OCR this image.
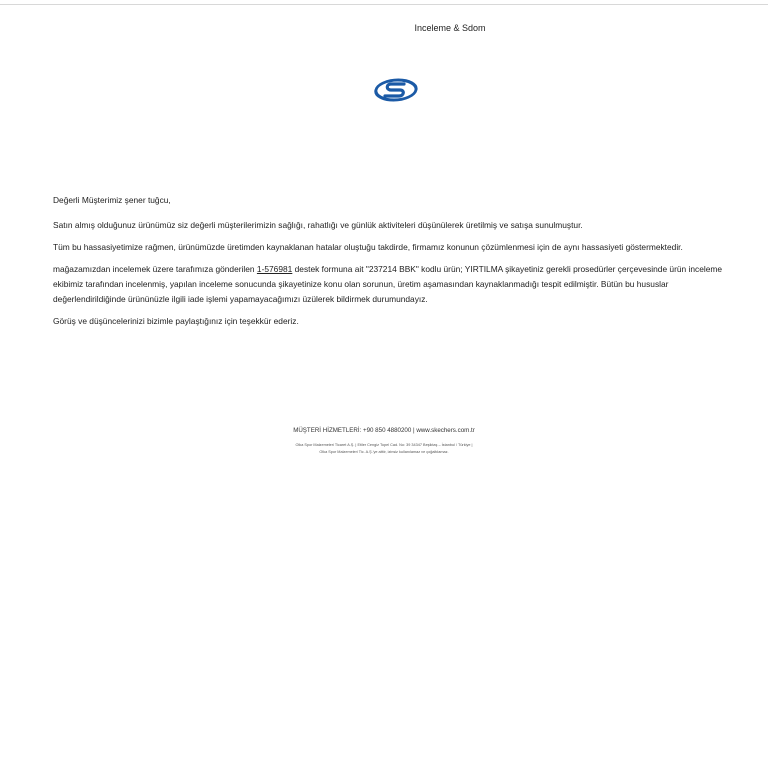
Inceleme & Sdom

Değerli Müşterimiz şener tuğcu,

Satın almış olduğunuz ürünümüz siz değerli müşterilerimizin sağlığı, rahatlığı ve günlük aktiviteleri düşünülerek üretilmiş ve satışa sunulmuştur.

Tüm bu hassasiyetimize rağmen, ürünümüzde üretimden kaynaklanan hatalar oluştuğu takdirde, firmamız konunun çözümlenmesi için de aynı hassasiyeti göstermektedir.

mağazamızdan incelemek üzere tarafımıza gönderilen 1-576981 destek formuna ait "237214 BBK" kodlu ürün; YIRTILMA şikayetiniz gerekli prosedürler çerçevesinde ürün inceleme ekibimiz tarafından incelenmiş, yapılan inceleme sonucunda şikayetinize konu olan sorunun, üretim aşamasından kaynaklanmadığı tespit edilmiştir. Bütün bu hususlar değerlendirildiğinde ürününüzle ilgili iade işlemi yapamayacağımızı üzülerek bildirmek durumundayız.

Görüş ve düşüncelerinizi bizimle paylaştığınız için teşekkür ederiz.

MÜŞTERİ HİZMETLERİ: +90 850 4880200 | www.skechers.com.tr
Olka Spor Malzemeleri Ticaret A.Ş. | Etiler Cengiz Topel Cad. No: 39 34347 Beşiktaş – İstanbul / Türkiye |
Olka Spor Malzemeleri Tic. A.Ş.'ye aittir, izinsiz kullanılamaz ve çoğaltılamaz.
